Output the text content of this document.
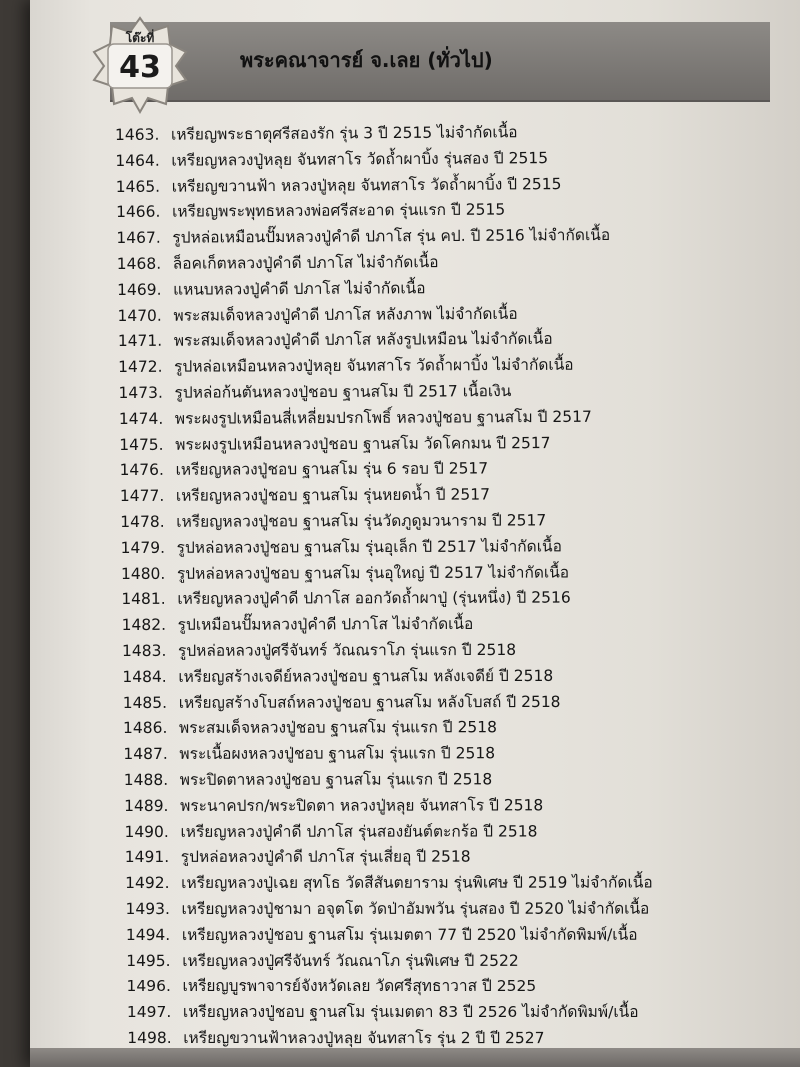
โต๊ะที่
43	พระคณาจารย์ จ.เลย (ทั่วไป)
1463. เหรียญพระธาตุศรีสองรัก รุ่น 3 ปี 2515 ไม่จำกัดเนื้อ
1464. เหรียญหลวงปู่หลุย จันทสาโร วัดถ้ำผาบิ้ง รุ่นสอง ปี 2515
1465. เหรียญขวานฟ้า หลวงปู่หลุย จันทสาโร วัดถ้ำผาบิ้ง ปี 2515
1466. เหรียญพระพุทธหลวงพ่อศรีสะอาด รุ่นแรก ปี 2515
1467. รูปหล่อเหมือนปั๊มหลวงปู่คำดี ปภาโส รุ่น คป. ปี 2516 ไม่จำกัดเนื้อ
1468. ล็อคเก็ตหลวงปู่คำดี ปภาโส ไม่จำกัดเนื้อ
1469. แหนบหลวงปู่คำดี ปภาโส ไม่จำกัดเนื้อ
1470. พระสมเด็จหลวงปู่คำดี ปภาโส หลังภาพ ไม่จำกัดเนื้อ
1471. พระสมเด็จหลวงปู่คำดี ปภาโส หลังรูปเหมือน ไม่จำกัดเนื้อ
1472. รูปหล่อเหมือนหลวงปู่หลุย จันทสาโร วัดถ้ำผาบิ้ง ไม่จำกัดเนื้อ
1473. รูปหล่อก้นตันหลวงปู่ชอบ ฐานสโม ปี 2517 เนื้อเงิน
1474. พระผงรูปเหมือนสี่เหลี่ยมปรกโพธิ์ หลวงปู่ชอบ ฐานสโม ปี 2517
1475. พระผงรูปเหมือนหลวงปู่ชอบ ฐานสโม วัดโคกมน ปี 2517
1476. เหรียญหลวงปู่ชอบ ฐานสโม รุ่น 6 รอบ ปี 2517
1477. เหรียญหลวงปู่ชอบ ฐานสโม รุ่นหยดน้ำ ปี 2517
1478. เหรียญหลวงปู่ชอบ ฐานสโม รุ่นวัดภูดูมวนาราม ปี 2517
1479. รูปหล่อหลวงปู่ชอบ ฐานสโม รุ่นอุเล็ก ปี 2517 ไม่จำกัดเนื้อ
1480. รูปหล่อหลวงปู่ชอบ ฐานสโม รุ่นอุใหญ่ ปี 2517 ไม่จำกัดเนื้อ
1481. เหรียญหลวงปู่คำดี ปภาโส ออกวัดถ้ำผาปู่ (รุ่นหนึ่ง) ปี 2516
1482. รูปเหมือนปั๊มหลวงปู่คำดี ปภาโส ไม่จำกัดเนื้อ
1483. รูปหล่อหลวงปู่ศรีจันทร์ วัณณราโภ รุ่นแรก ปี 2518
1484. เหรียญสร้างเจดีย์หลวงปู่ชอบ ฐานสโม หลังเจดีย์ ปี 2518
1485. เหรียญสร้างโบสถ์หลวงปู่ชอบ ฐานสโม หลังโบสถ์ ปี 2518
1486. พระสมเด็จหลวงปู่ชอบ ฐานสโม รุ่นแรก ปี 2518
1487. พระเนื้อผงหลวงปู่ชอบ ฐานสโม รุ่นแรก ปี 2518
1488. พระปิดตาหลวงปู่ชอบ ฐานสโม รุ่นแรก ปี 2518
1489. พระนาคปรก/พระปิดตา หลวงปู่หลุย จันทสาโร ปี 2518
1490. เหรียญหลวงปู่คำดี ปภาโส รุ่นสองยันต์ตะกร้อ ปี 2518
1491. รูปหล่อหลวงปู่คำดี ปภาโส รุ่นเสี่ยอุ ปี 2518
1492. เหรียญหลวงปู่เฉย สุทโธ วัดสีสันตยาราม รุ่นพิเศษ ปี 2519 ไม่จำกัดเนื้อ
1493. เหรียญหลวงปู่ชามา อจุตโต วัดป่าอัมพวัน รุ่นสอง ปี 2520 ไม่จำกัดเนื้อ
1494. เหรียญหลวงปู่ชอบ ฐานสโม รุ่นเมตตา 77 ปี 2520 ไม่จำกัดพิมพ์/เนื้อ
1495. เหรียญหลวงปู่ศรีจันทร์ วัณณาโภ รุ่นพิเศษ ปี 2522
1496. เหรียญบูรพาจารย์จังหวัดเลย วัดศรีสุทธาวาส ปี 2525
1497. เหรียญหลวงปู่ชอบ ฐานสโม รุ่นเมตตา 83 ปี 2526 ไม่จำกัดพิมพ์/เนื้อ
1498. เหรียญขวานฟ้าหลวงปู่หลุย จันทสาโร รุ่น 2 ปี ปี 2527
